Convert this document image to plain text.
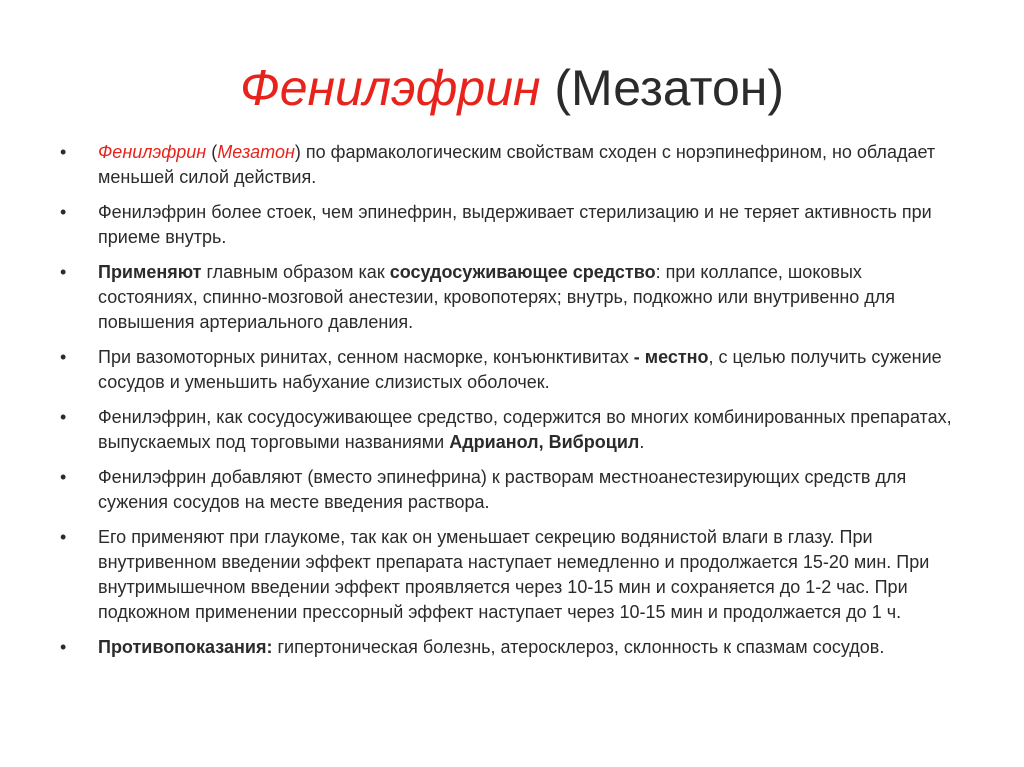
Фенилэфрин (Мезатон)
•	Фенилэфрин (Мезатон) по фармакологическим свойствам сходен с норэпинефрином, но обладает меньшей силой действия.
•	Фенилэфрин более стоек, чем эпинефрин, выдерживает стерилизацию и не теряет активность при приеме внутрь.
•	Применяют главным образом как сосудосуживающее средство: при коллапсе, шоковых состояниях, спинно-мозговой анестезии, кровопотерях; внутрь, подкожно или внутривенно для повышения артериального давления.
•	При вазомоторных ринитах, сенном насморке, конъюнктивитах - местно, с целью получить сужение сосудов и уменьшить набухание слизистых оболочек.
•	Фенилэфрин, как сосудосуживающее средство, содержится во многих комбинированных препаратах, выпускаемых под торговыми названиями Адрианол, Виброцил.
•	Фенилэфрин добавляют (вместо эпинефрина) к растворам местноанестезирующих средств для сужения сосудов на месте введения раствора.
•	Его применяют при глаукоме, так как он уменьшает секрецию водянистой влаги в глазу. При внутривенном введении эффект препарата наступает немедленно и продолжается 15-20 мин. При внутримышечном введении эффект проявляется через 10-15 мин и сохраняется до 1-2 час. При подкожном применении прессорный эффект наступает через 10-15 мин и продолжается до 1 ч.
•	Противопоказания: гипертоническая болезнь, атеросклероз, склонность к спазмам сосудов.
